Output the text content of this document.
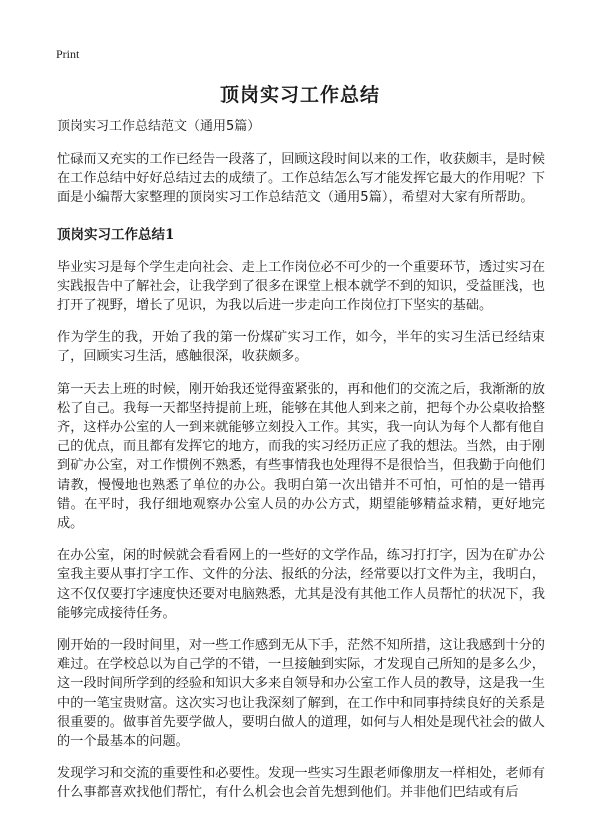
Print
顶岗实习工作总结

顶岗实习工作总结范文（通用5篇）

忙碌而又充实的工作已经告一段落了，回顾这段时间以来的工作，收获颇丰，是时候在工作总结中好好总结过去的成绩了。工作总结怎么写才能发挥它最大的作用呢？下面是小编帮大家整理的顶岗实习工作总结范文（通用5篇），希望对大家有所帮助。

顶岗实习工作总结1

毕业实习是每个学生走向社会、走上工作岗位必不可少的一个重要环节，透过实习在实践报告中了解社会，让我学到了很多在课堂上根本就学不到的知识，受益匪浅，也打开了视野，增长了见识，为我以后进一步走向工作岗位打下坚实的基础。

作为学生的我，开始了我的第一份煤矿实习工作，如今，半年的实习生活已经结束了，回顾实习生活，感触很深，收获颇多。

第一天去上班的时候，刚开始我还觉得蛮紧张的，再和他们的交流之后，我渐渐的放松了自己。我每一天都坚持提前上班，能够在其他人到来之前，把每个办公桌收拾整齐，这样办公室的人一到来就能够立刻投入工作。其实，我一向认为每个人都有他自己的优点，而且都有发挥它的地方，而我的实习经历正应了我的想法。当然，由于刚到矿办公室，对工作惯例不熟悉，有些事情我也处理得不是很恰当，但我勤于向他们请教，慢慢地也熟悉了单位的办公。我明白第一次出错并不可怕，可怕的是一错再错。在平时，我仔细地观察办公室人员的办公方式，期望能够精益求精，更好地完成。

在办公室，闲的时候就会看看网上的一些好的文学作品，练习打打字，因为在矿办公室我主要从事打字工作、文件的分法、报纸的分法，经常要以打文件为主，我明白，这不仅仅要打字速度快还要对电脑熟悉，尤其是没有其他工作人员帮忙的状况下，我能够完成接待任务。

刚开始的一段时间里，对一些工作感到无从下手，茫然不知所措，这让我感到十分的难过。在学校总以为自己学的不错，一旦接触到实际，才发现自己所知的是多么少，这一段时间所学到的经验和知识大多来自领导和办公室工作人员的教导，这是我一生中的一笔宝贵财富。这次实习也让我深刻了解到，在工作中和同事持续良好的关系是很重要的。做事首先要学做人，要明白做人的道理，如何与人相处是现代社会的做人的一个最基本的问题。

发现学习和交流的重要性和必要性。发现一些实习生跟老师像朋友一样相处，老师有什么事都喜欢找他们帮忙，有什么机会也会首先想到他们。并非他们巴结或有后
